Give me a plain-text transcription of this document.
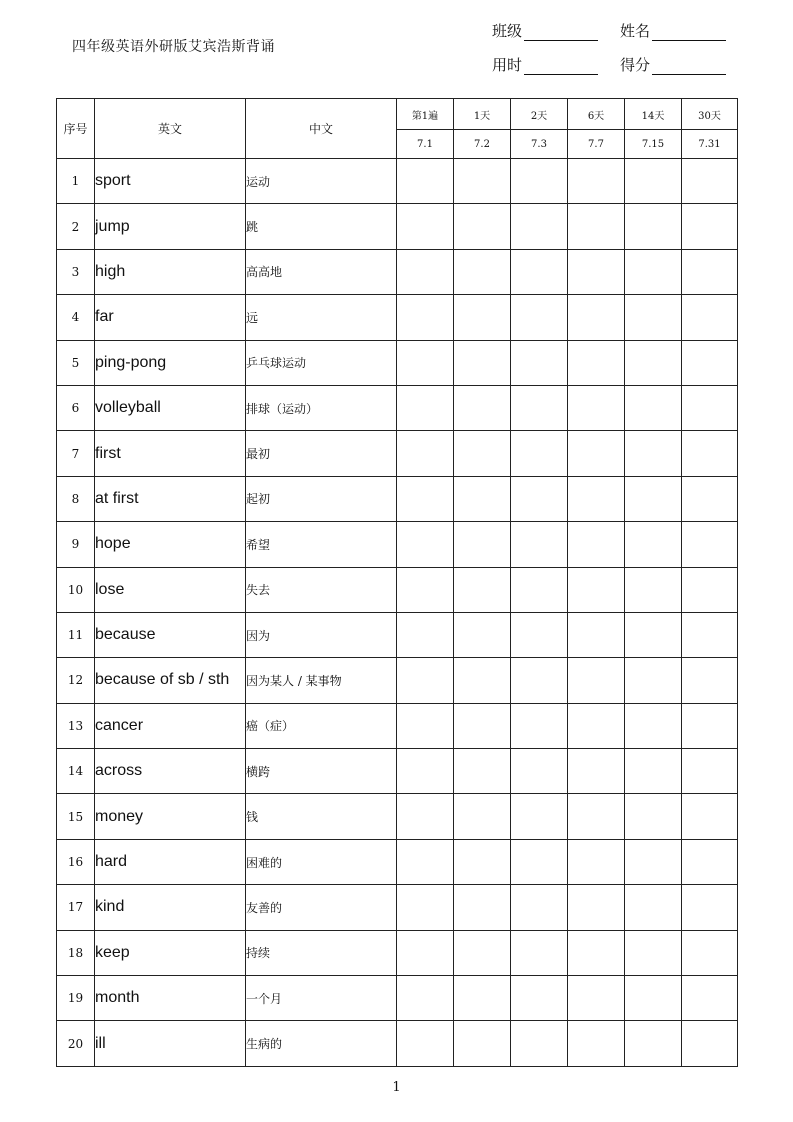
四年级英语外研版艾宾浩斯背诵
班级	姓名
用时	得分
序号	英文	中文	第1遍	1天	2天	6天	14天	30天
			7.1	7.2	7.3	7.7	7.15	7.31
1	sport	运动						
2	jump	跳						
3	high	高高地						
4	far	远						
5	ping-pong	乒乓球运动						
6	volleyball	排球（运动）						
7	first	最初						
8	at first	起初						
9	hope	希望						
10	lose	失去						
11	because	因为						
12	because of sb / sth	因为某人 / 某事物						
13	cancer	癌（症）						
14	across	横跨						
15	money	钱						
16	hard	困难的						
17	kind	友善的						
18	keep	持续						
19	month	一个月						
20	ill	生病的						
1
